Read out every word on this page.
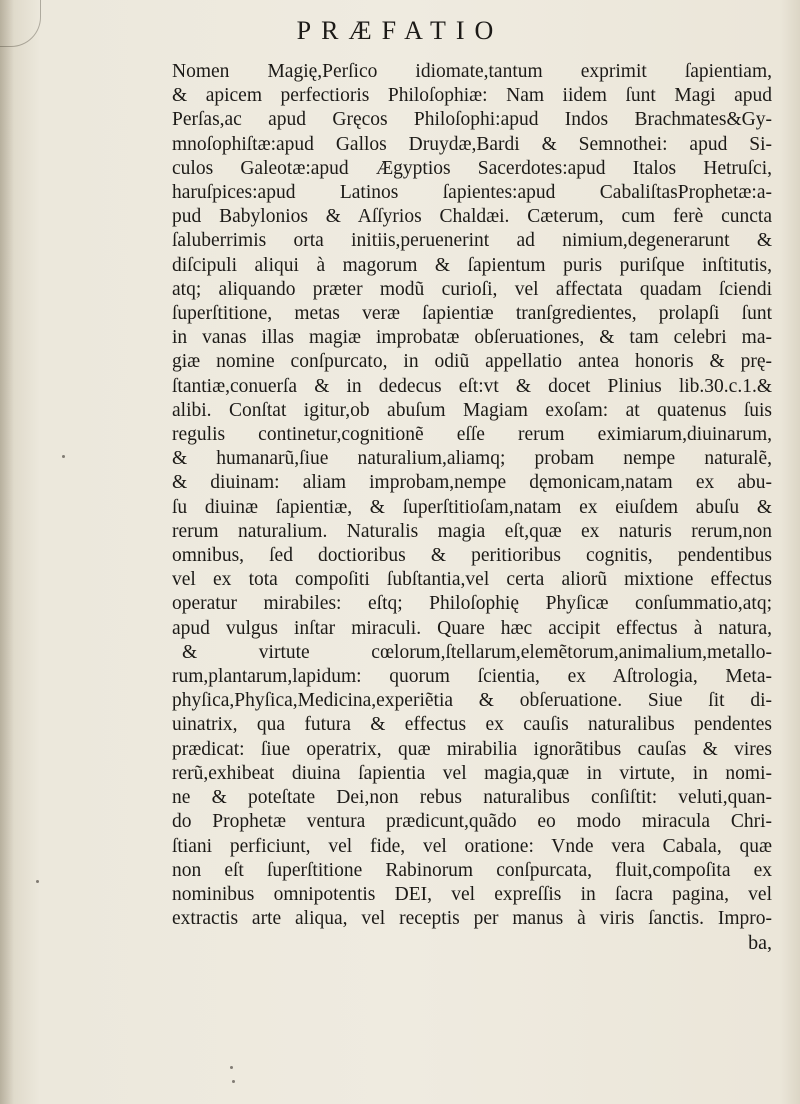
PRÆFATIO
Nomen Magię,Perſico idiomate,tantum exprimit ſapientiam,
& apicem perfectioris Philoſophiæ: Nam iidem ſunt Magi apud
Perſas,ac apud Gręcos Philoſophi:apud Indos Brachmates&Gy-
mnoſophiſtæ:apud Gallos Druydæ,Bardi & Semnothei: apud Si-
culos Galeotæ:apud Ægyptios Sacerdotes:apud Italos Hetruſci,
haruſpices:apud Latinos ſapientes:apud CabaliſtasProphetæ:a-
pud Babylonios & Aſſyrios Chaldæi. Cæterum, cum ferè cuncta
ſaluberrimis orta initiis,peruenerint ad nimium,degenerarunt &
diſcipuli aliqui à magorum & ſapientum puris puriſque inſtitutis,
atq; aliquando præter modũ curioſi, vel affectata quadam ſciendi
ſuperſtitione, metas veræ ſapientiæ tranſgredientes, prolapſi ſunt
in vanas illas magiæ improbatæ obſeruationes, & tam celebri ma-
giæ nomine conſpurcato, in odiũ appellatio antea honoris & prę-
ſtantiæ,conuerſa & in dedecus eſt:vt & docet Plinius lib.30.c.1.&
alibi. Conſtat igitur,ob abuſum Magiam exoſam: at quatenus ſuis
regulis continetur,cognitionẽ eſſe rerum eximiarum,diuinarum,
& humanarũ,ſiue naturalium,aliamq; probam nempe naturalẽ,
& diuinam: aliam improbam,nempe dęmonicam,natam ex abu-
ſu diuinæ ſapientiæ, & ſuperſtitioſam,natam ex eiuſdem abuſu &
rerum naturalium. Naturalis magia eſt,quæ ex naturis rerum,non
omnibus, ſed doctioribus & peritioribus cognitis, pendentibus
vel ex tota compoſiti ſubſtantia,vel certa aliorũ mixtione effectus
operatur mirabiles: eſtq; Philoſophię Phyſicæ conſummatio,atq;
apud vulgus inſtar miraculi. Quare hæc accipit effectus à natura,
& virtute cœlorum,ſtellarum,elemẽtorum,animalium,metallo-
rum,plantarum,lapidum: quorum ſcientia, ex Aſtrologia, Meta-
phyſica,Phyſica,Medicina,experiẽtia & obſeruatione. Siue ſit di-
uinatrix, qua futura & effectus ex cauſis naturalibus pendentes
prædicat: ſiue operatrix, quæ mirabilia ignorãtibus cauſas & vires
rerũ,exhibeat diuina ſapientia vel magia,quæ in virtute, in nomi-
ne & poteſtate Dei,non rebus naturalibus conſiſtit: veluti,quan-
do Prophetæ ventura prædicunt,quãdo eo modo miracula Chri-
ſtiani perficiunt, vel fide, vel oratione: Vnde vera Cabala, quæ
non eſt ſuperſtitione Rabinorum conſpurcata, fluit,compoſita ex
nominibus omnipotentis DEI, vel expreſſis in ſacra pagina, vel
extractis arte aliqua, vel receptis per manus à viris ſanctis. Impro-
ba,
